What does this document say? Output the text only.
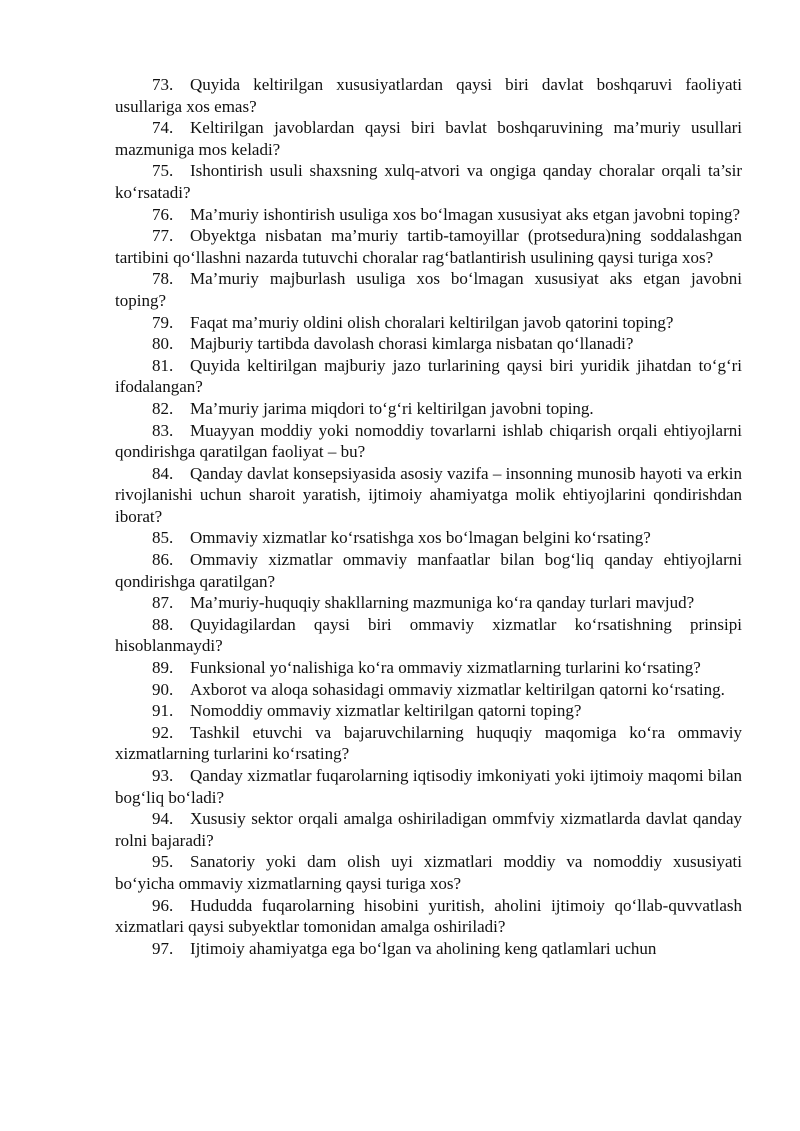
73. Quyida keltirilgan xususiyatlardan qaysi biri davlat boshqaruvi faoliyati usullariga xos emas?

74. Keltirilgan javoblardan qaysi biri bavlat boshqaruvining ma’muriy usullari mazmuniga mos keladi?

75. Ishontirish usuli shaxsning xulq-atvori va ongiga qanday choralar orqali ta’sir ko‘rsatadi?

76. Ma’muriy ishontirish usuliga xos bo‘lmagan xususiyat aks etgan javobni toping?

77. Obyektga nisbatan ma’muriy tartib-tamoyillar (protsedura)ning soddalashgan tartibini qo‘llashni nazarda tutuvchi choralar rag‘batlantirish usulining qaysi turiga xos?

78. Ma’muriy majburlash usuliga xos bo‘lmagan xususiyat aks etgan javobni toping?

79. Faqat ma’muriy oldini olish choralari keltirilgan javob qatorini toping?

80. Majburiy tartibda davolash chorasi kimlarga nisbatan qo‘llanadi?

81. Quyida keltirilgan majburiy jazo turlarining qaysi biri yuridik jihatdan to‘g‘ri ifodalangan?

82. Ma’muriy jarima miqdori to‘g‘ri keltirilgan javobni toping.

83. Muayyan moddiy yoki nomoddiy tovarlarni ishlab chiqarish orqali ehtiyojlarni qondirishga qaratilgan faoliyat – bu?

84. Qanday davlat konsepsiyasida asosiy vazifa – insonning munosib hayoti va erkin rivojlanishi uchun sharoit yaratish, ijtimoiy ahamiyatga molik ehtiyojlarini qondirishdan iborat?

85. Ommaviy xizmatlar ko‘rsatishga xos bo‘lmagan belgini ko‘rsating?

86. Ommaviy xizmatlar ommaviy manfaatlar bilan bog‘liq qanday ehtiyojlarni qondirishga qaratilgan?

87. Ma’muriy-huquqiy shakllarning mazmuniga ko‘ra qanday turlari mavjud?

88. Quyidagilardan qaysi biri ommaviy xizmatlar ko‘rsatishning prinsipi hisoblanmaydi?

89. Funksional yo‘nalishiga ko‘ra ommaviy xizmatlarning turlarini ko‘rsating?

90. Axborot va aloqa sohasidagi ommaviy xizmatlar keltirilgan qatorni ko‘rsating.

91. Nomoddiy ommaviy xizmatlar keltirilgan qatorni toping?

92. Tashkil etuvchi va bajaruvchilarning huquqiy maqomiga ko‘ra ommaviy xizmatlarning turlarini ko‘rsating?

93. Qanday xizmatlar fuqarolarning iqtisodiy imkoniyati yoki ijtimoiy maqomi bilan bog‘liq bo‘ladi?

94. Xususiy sektor orqali amalga oshiriladigan ommfviy xizmatlarda davlat qanday rolni bajaradi?

95. Sanatoriy yoki dam olish uyi xizmatlari moddiy va nomoddiy xususiyati bo‘yicha ommaviy xizmatlarning qaysi turiga xos?

96. Hududda fuqarolarning hisobini yuritish, aholini ijtimoiy qo‘llab-quvvatlash xizmatlari qaysi subyektlar tomonidan amalga oshiriladi?

97. Ijtimoiy ahamiyatga ega bo‘lgan va aholining keng qatlamlari uchun
